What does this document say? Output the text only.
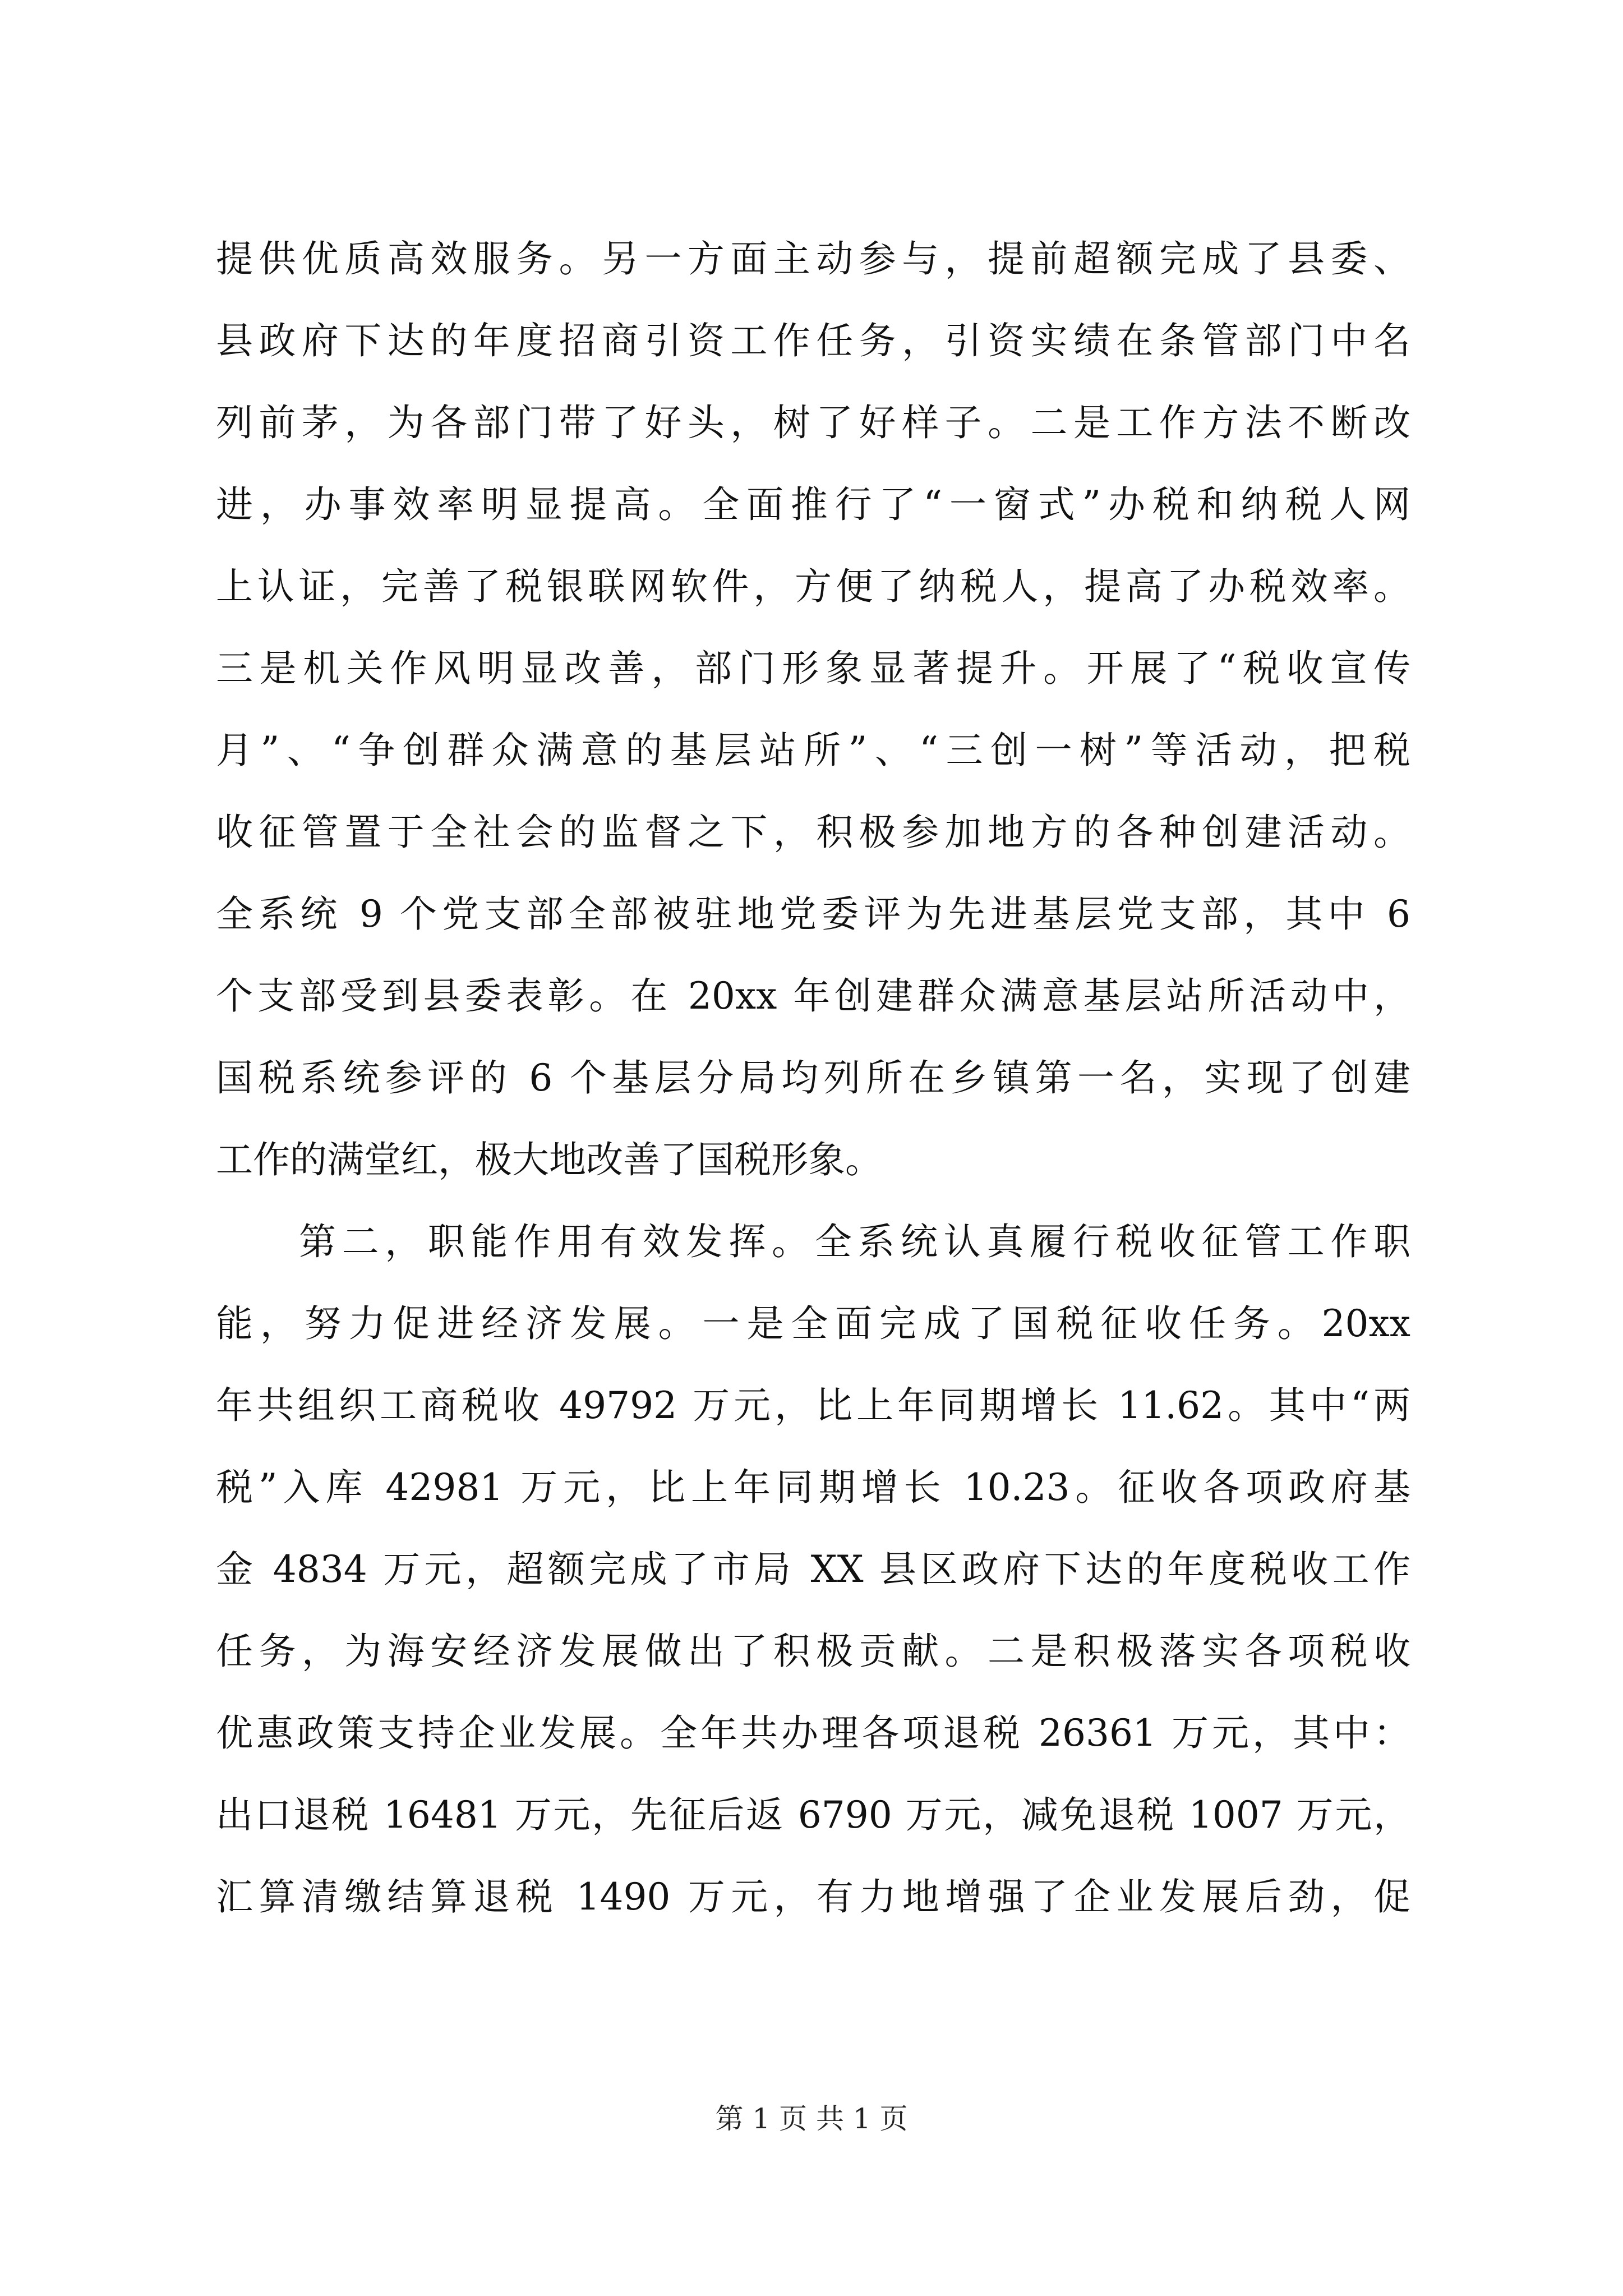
提供优质高效服务。另一方面主动参与，提前超额完成了县委、
县政府下达的年度招商引资工作任务，引资实绩在条管部门中名
列前茅，为各部门带了好头，树了好样子。二是工作方法不断改
进，办事效率明显提高。全面推行了“一窗式”办税和纳税人网
上认证，完善了税银联网软件，方便了纳税人，提高了办税效率。
三是机关作风明显改善，部门形象显著提升。开展了“税收宣传
月”、“争创群众满意的基层站所”、“三创一树”等活动，把税
收征管置于全社会的监督之下，积极参加地方的各种创建活动。
全系统 9 个党支部全部被驻地党委评为先进基层党支部，其中 6
个支部受到县委表彰。在 20xx 年创建群众满意基层站所活动中，
国税系统参评的 6 个基层分局均列所在乡镇第一名，实现了创建
工作的满堂红，极大地改善了国税形象。
第二，职能作用有效发挥。全系统认真履行税收征管工作职
能，努力促进经济发展。一是全面完成了国税征收任务。20xx
年共组织工商税收 49792 万元，比上年同期增长 11.62。其中“两
税”入库 42981 万元，比上年同期增长 10.23。征收各项政府基
金 4834 万元，超额完成了市局 XX 县区政府下达的年度税收工作
任务，为海安经济发展做出了积极贡献。二是积极落实各项税收
优惠政策支持企业发展。全年共办理各项退税 26361 万元，其中：
出口退税 16481 万元，先征后返 6790 万元，减免退税 1007 万元，
汇算清缴结算退税 1490 万元，有力地增强了企业发展后劲，促
第 1 页 共 1 页
